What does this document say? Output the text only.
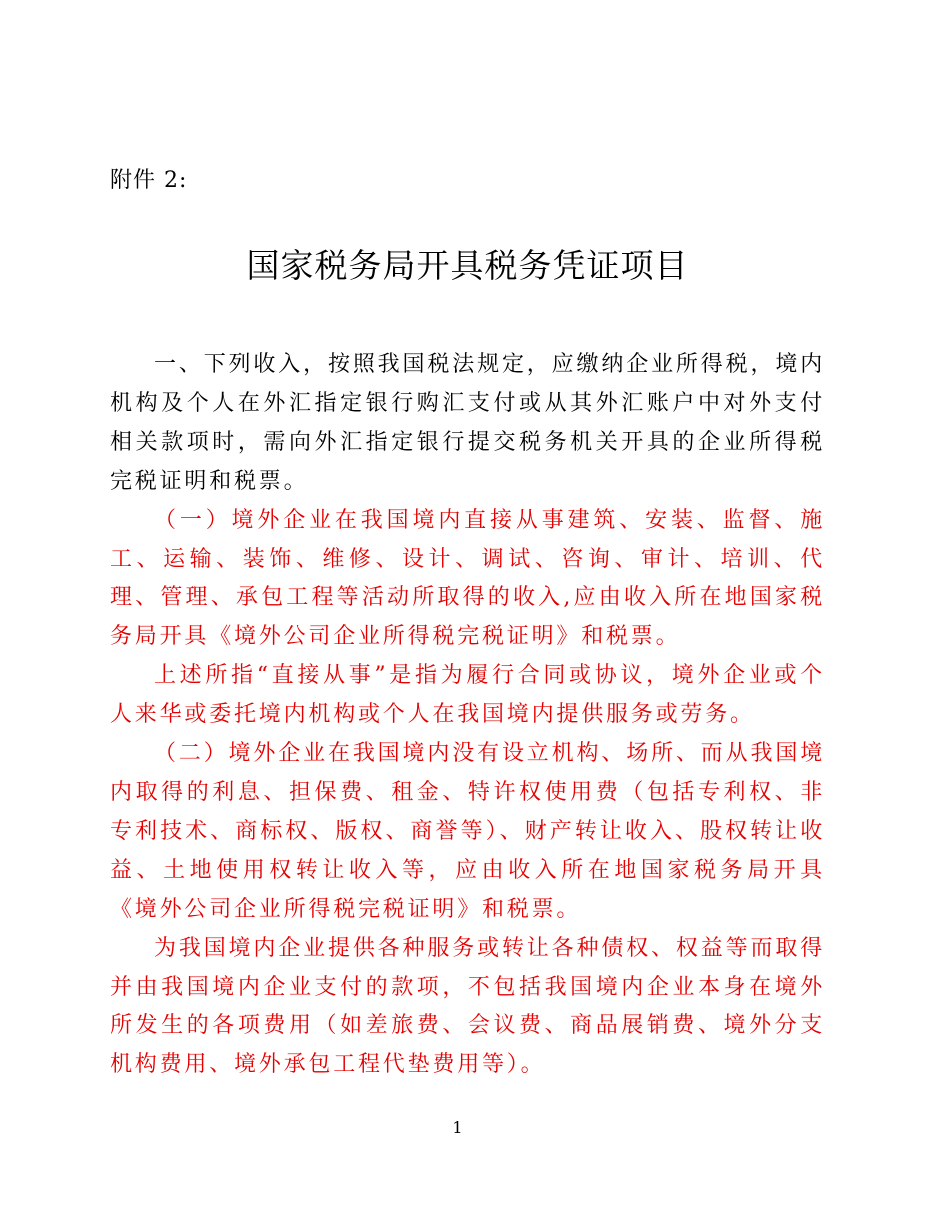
附件 2:
国家税务局开具税务凭证项目

一、下列收入，按照我国税法规定，应缴纳企业所得税，境内机构及个人在外汇指定银行购汇支付或从其外汇账户中对外支付相关款项时，需向外汇指定银行提交税务机关开具的企业所得税完税证明和税票。

（一）境外企业在我国境内直接从事建筑、安装、监督、施工、运输、装饰、维修、设计、调试、咨询、审计、培训、代理、管理、承包工程等活动所取得的收入,应由收入所在地国家税务局开具《境外公司企业所得税完税证明》和税票。

上述所指“直接从事”是指为履行合同或协议，境外企业或个人来华或委托境内机构或个人在我国境内提供服务或劳务。

（二）境外企业在我国境内没有设立机构、场所、而从我国境内取得的利息、担保费、租金、特许权使用费（包括专利权、非专利技术、商标权、版权、商誉等）、财产转让收入、股权转让收益、土地使用权转让收入等，应由收入所在地国家税务局开具《境外公司企业所得税完税证明》和税票。

为我国境内企业提供各种服务或转让各种债权、权益等而取得并由我国境内企业支付的款项，不包括我国境内企业本身在境外所发生的各项费用（如差旅费、会议费、商品展销费、境外分支机构费用、境外承包工程代垫费用等）。

1
